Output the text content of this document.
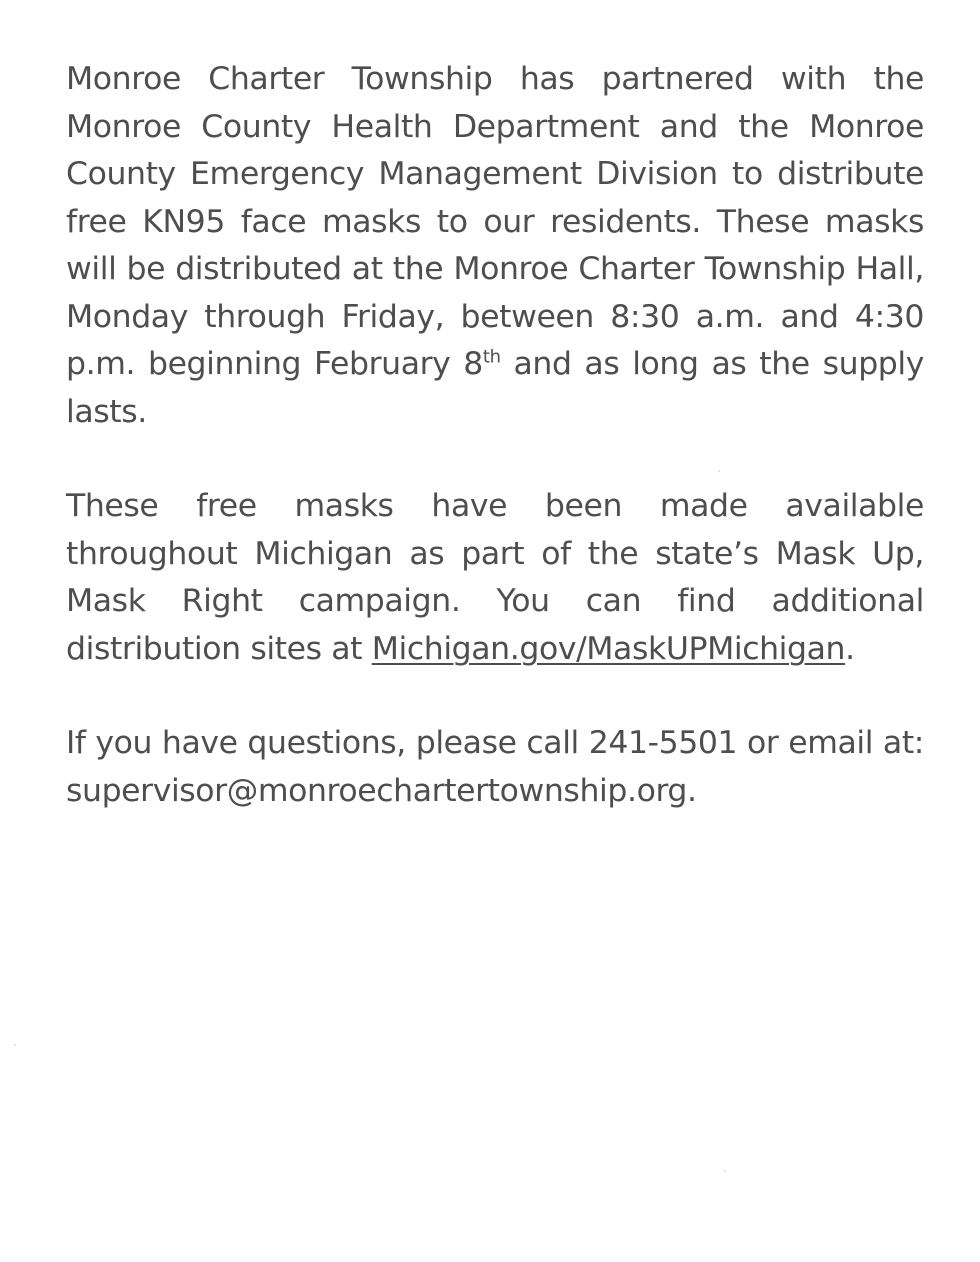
Monroe Charter Township has partnered with the Monroe County Health Department and the Monroe County Emergency Management Division to distribute free KN95 face masks to our residents. These masks will be distributed at the Monroe Charter Township Hall, Monday through Friday, between 8:30 a.m. and 4:30 p.m. beginning February 8th and as long as the supply lasts.

These free masks have been made available throughout Michigan as part of the state’s Mask Up, Mask Right campaign. You can find additional distribution sites at Michigan.gov/MaskUPMichigan.

If you have questions, please call 241-5501 or email at: supervisor@monroechartertownship.org.
